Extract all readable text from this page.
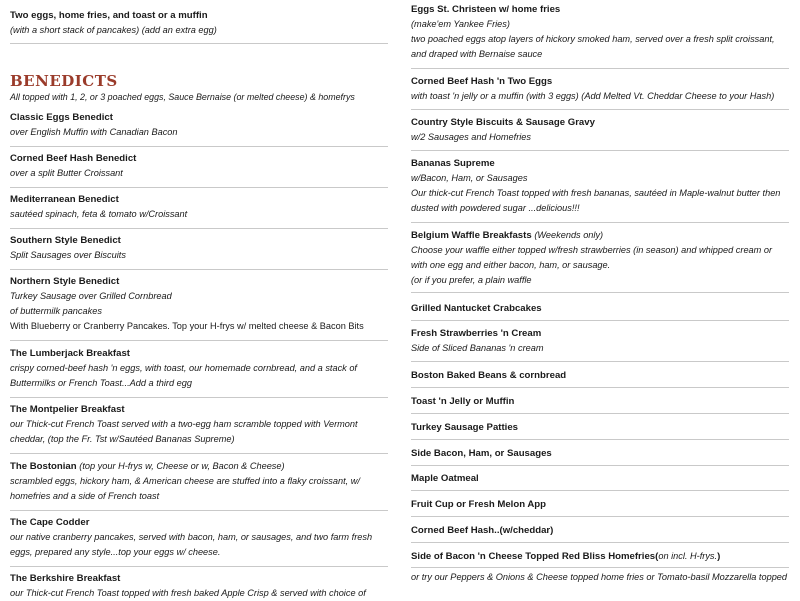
Two eggs, home fries, and toast or a muffin
(with a short stack of pancakes) (add an extra egg)
BENEDICTS
All topped with 1, 2, or 3 poached eggs, Sauce Bernaise (or melted cheese) & homefrys
Classic Eggs Benedict
over English Muffin with Canadian Bacon
Corned Beef Hash Benedict
over a split Butter Croissant
Mediterranean Benedict
sautéed spinach, feta & tomato w/Croissant
Southern Style Benedict
Split Sausages over Biscuits
Northern Style Benedict
Turkey Sausage over Grilled Cornbread
of buttermilk pancakes
With Blueberry or Cranberry Pancakes. Top your H-frys w/ melted cheese & Bacon Bits
The Lumberjack Breakfast
crispy corned-beef hash 'n eggs, with toast, our homemade cornbread, and a stack of
Buttermilks or French Toast...Add a third egg
The Montpelier Breakfast
our Thick-cut French Toast served with a two-egg ham scramble topped with Vermont
cheddar, (top the Fr. Tst w/Sautéed Bananas Supreme)
The Bostonian (top your H-frys w, Cheese or w, Bacon & Cheese)
scrambled eggs, hickory ham, & American cheese are stuffed into a flaky croissant, w/
homefries and a side of French toast
The Cape Codder
our native cranberry pancakes, served with bacon, ham, or sausages, and two farm fresh
eggs, prepared any style...top your eggs w/ cheese.
The Berkshire Breakfast
our Thick-cut French Toast topped with fresh baked Apple Crisp & served with choice of
Eggs St. Christeen w/ home fries
(make'em Yankee Fries)
two poached eggs atop layers of hickory smoked ham, served over a fresh split croissant,
and draped with Bernaise sauce
Corned Beef Hash 'n Two Eggs
with toast 'n jelly or a muffin (with 3 eggs) (Add Melted Vt. Cheddar Cheese to your Hash)
Country Style Biscuits & Sausage Gravy
w/2 Sausages and Homefries
Bananas Supreme
w/Bacon, Ham, or Sausages
Our thick-cut French Toast topped with fresh bananas, sautéed in Maple-walnut butter then
dusted with powdered sugar ...delicious!!!
Belgium Waffle Breakfasts (Weekends only)
Choose your waffle either topped w/fresh strawberries (in season) and whipped cream or
with one egg and either bacon, ham, or sausage.
(or if you prefer, a plain waffle
Grilled Nantucket Crabcakes
Fresh Strawberries 'n Cream
Side of Sliced Bananas 'n cream
Boston Baked Beans & cornbread
Toast 'n Jelly or Muffin
Turkey Sausage Patties
Side Bacon, Ham, or Sausages
Maple Oatmeal
Fruit Cup or Fresh Melon App
Corned Beef Hash..(w/cheddar)
Side of Bacon 'n Cheese Topped Red Bliss Homefries(on incl. H-frys.)
or try our Peppers & Onions & Cheese topped home fries or Tomato-basil Mozzarella topped
